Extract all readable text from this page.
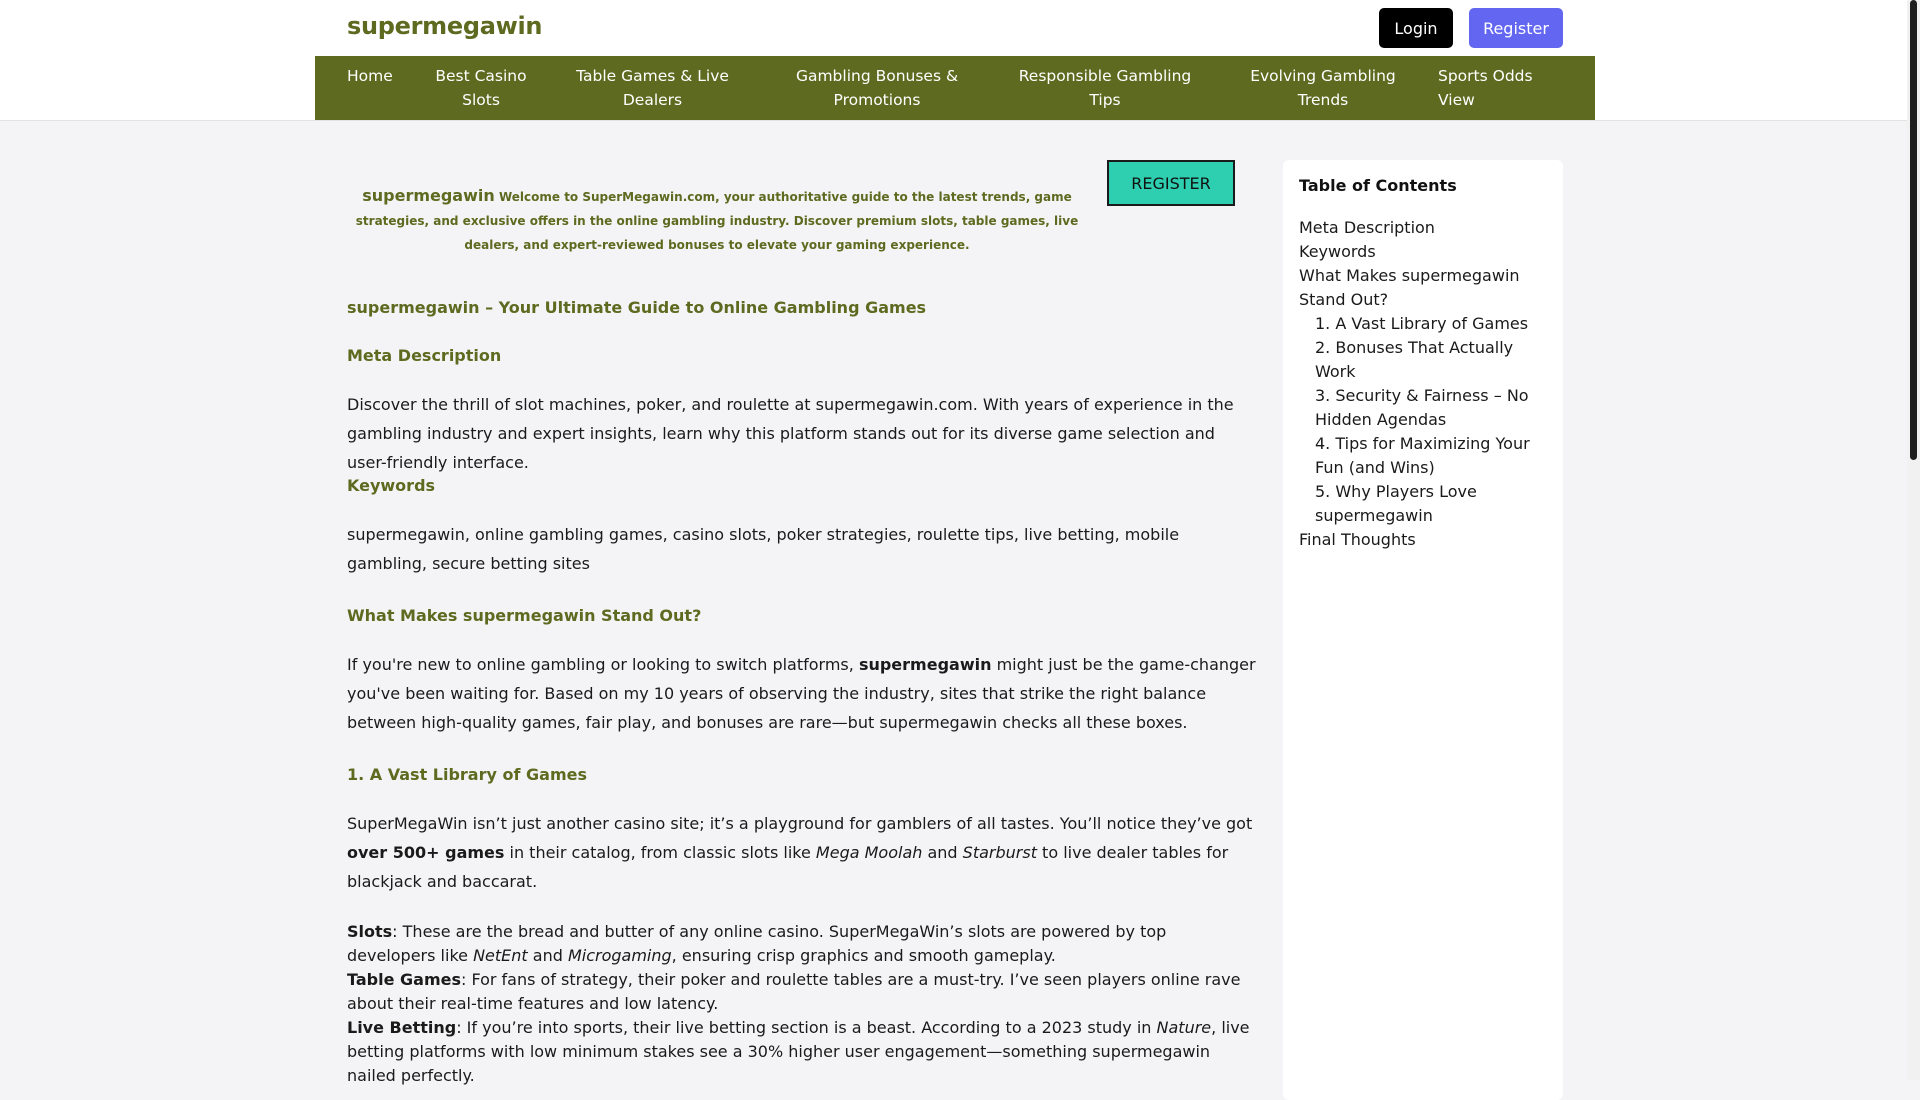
supermegawin	Login	Register
Home	Best Casino Slots
Table Games & Live Dealers
Gambling Bonuses & Promotions
Responsible Gambling Tips
Evolving Gambling Trends
Sports Odds View
supermegawin Welcome to SuperMegawin.com, your authoritative guide to the latest trends, game strategies, and exclusive offers in the online gambling industry. Discover premium slots, table games, live dealers, and expert-reviewed bonuses to elevate your gaming experience.
REGISTER
supermegawin – Your Ultimate Guide to Online Gambling Games
Meta Description

Discover the thrill of slot machines, poker, and roulette at supermegawin.com. With years of experience in the gambling industry and expert insights, learn why this platform stands out for its diverse game selection and user-friendly interface.

Keywords

supermegawin, online gambling games, casino slots, poker strategies, roulette tips, live betting, mobile gambling, secure betting sites

What Makes supermegawin Stand Out?

If you're new to online gambling or looking to switch platforms, supermegawin might just be the game-changer you've been waiting for. Based on my 10 years of observing the industry, sites that strike the right balance between high-quality games, fair play, and bonuses are rare—but supermegawin checks all these boxes.

1. A Vast Library of Games

SuperMegaWin isn’t just another casino site; it’s a playground for gamblers of all tastes. You’ll notice they’ve got over 500+ games in their catalog, from classic slots like Mega Moolah and Starburst to live dealer tables for blackjack and baccarat.

Slots: These are the bread and butter of any online casino. SuperMegaWin’s slots are powered by top developers like NetEnt and Microgaming, ensuring crisp graphics and smooth gameplay.
Table Games: For fans of strategy, their poker and roulette tables are a must-try. I’ve seen players online rave about their real-time features and low latency.
Live Betting: If you’re into sports, their live betting section is a beast. According to a 2023 study in Nature, live betting platforms with low minimum stakes see a 30% higher user engagement—something supermegawin nailed perfectly.
Table of Contents
Meta Description
Keywords
What Makes supermegawin Stand Out?
1. A Vast Library of Games
2. Bonuses That Actually Work
3. Security & Fairness – No Hidden Agendas
4. Tips for Maximizing Your Fun (and Wins)
5. Why Players Love supermegawin
Final Thoughts
